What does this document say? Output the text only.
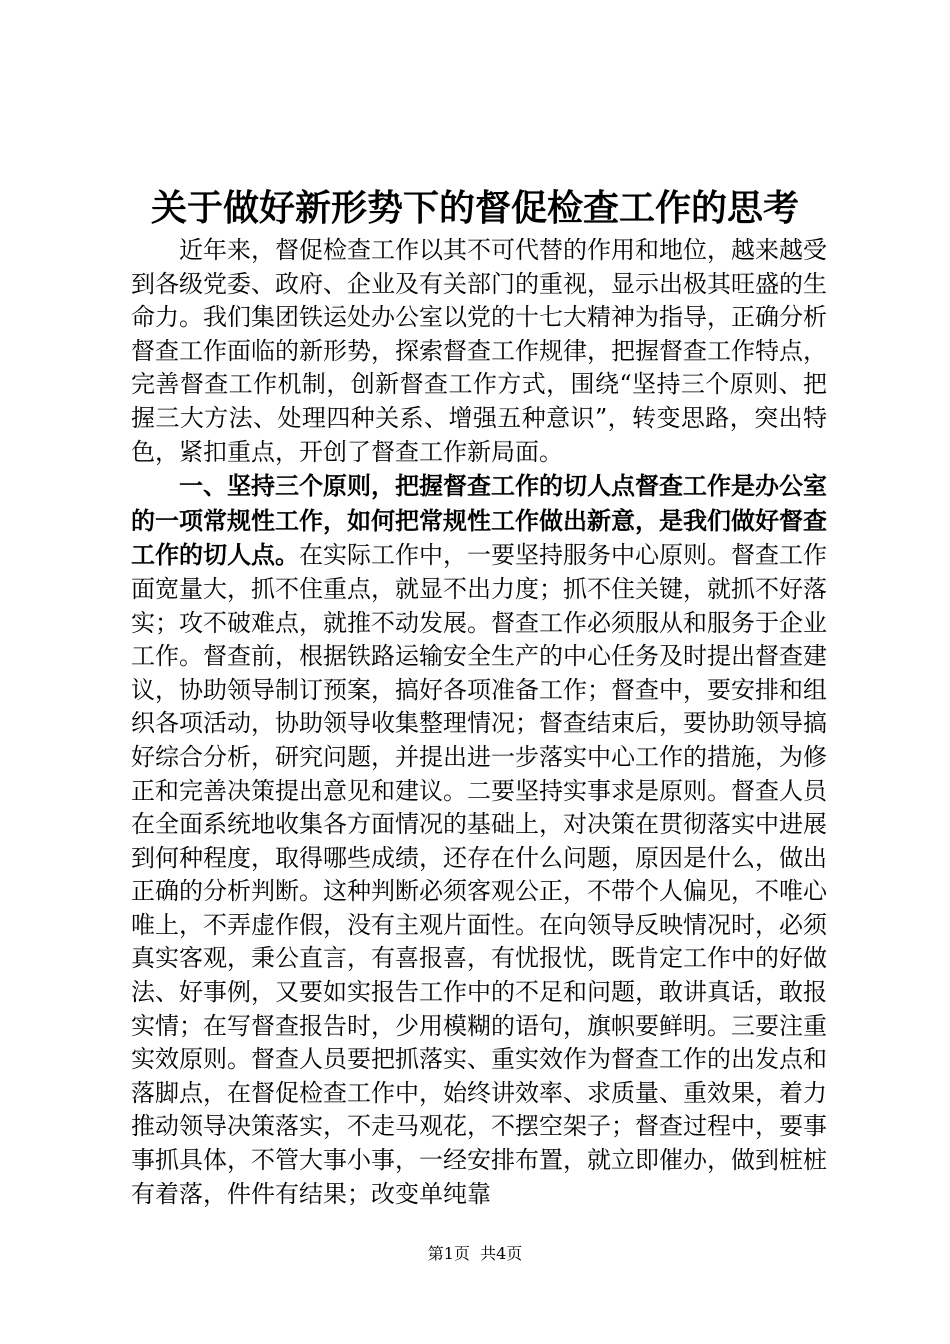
关于做好新形势下的督促检查工作的思考

近年来，督促检查工作以其不可代替的作用和地位，越来越受到各级党委、政府、企业及有关部门的重视，显示出极其旺盛的生命力。我们集团铁运处办公室以党的十七大精神为指导，正确分析督查工作面临的新形势，探索督查工作规律，把握督查工作特点，完善督查工作机制，创新督查工作方式，围绕“坚持三个原则、把握三大方法、处理四种关系、增强五种意识”，转变思路，突出特色，紧扣重点，开创了督查工作新局面。

一、坚持三个原则，把握督查工作的切人点督查工作是办公室的一项常规性工作，如何把常规性工作做出新意，是我们做好督查工作的切人点。在实际工作中，一要坚持服务中心原则。督查工作面宽量大，抓不住重点，就显不出力度；抓不住关键，就抓不好落实；攻不破难点，就推不动发展。督查工作必须服从和服务于企业工作。督查前，根据铁路运输安全生产的中心任务及时提出督查建议，协助领导制订预案，搞好各项准备工作；督查中，要安排和组织各项活动，协助领导收集整理情况；督查结束后，要协助领导搞好综合分析，研究问题，并提出进一步落实中心工作的措施，为修正和完善决策提出意见和建议。二要坚持实事求是原则。督查人员在全面系统地收集各方面情况的基础上，对决策在贯彻落实中进展到何种程度，取得哪些成绩，还存在什么问题，原因是什么，做出正确的分析判断。这种判断必须客观公正，不带个人偏见，不唯心唯上，不弄虚作假，没有主观片面性。在向领导反映情况时，必须真实客观，秉公直言，有喜报喜，有忧报忧，既肯定工作中的好做法、好事例，又要如实报告工作中的不足和问题，敢讲真话，敢报实情；在写督查报告时，少用模糊的语句，旗帜要鲜明。三要注重实效原则。督查人员要把抓落实、重实效作为督查工作的出发点和落脚点，在督促检查工作中，始终讲效率、求质量、重效果，着力推动领导决策落实，不走马观花，不摆空架子；督查过程中，要事事抓具体，不管大事小事，一经安排布置，就立即催办，做到桩桩有着落，件件有结果；改变单纯靠

第1页  共4页
